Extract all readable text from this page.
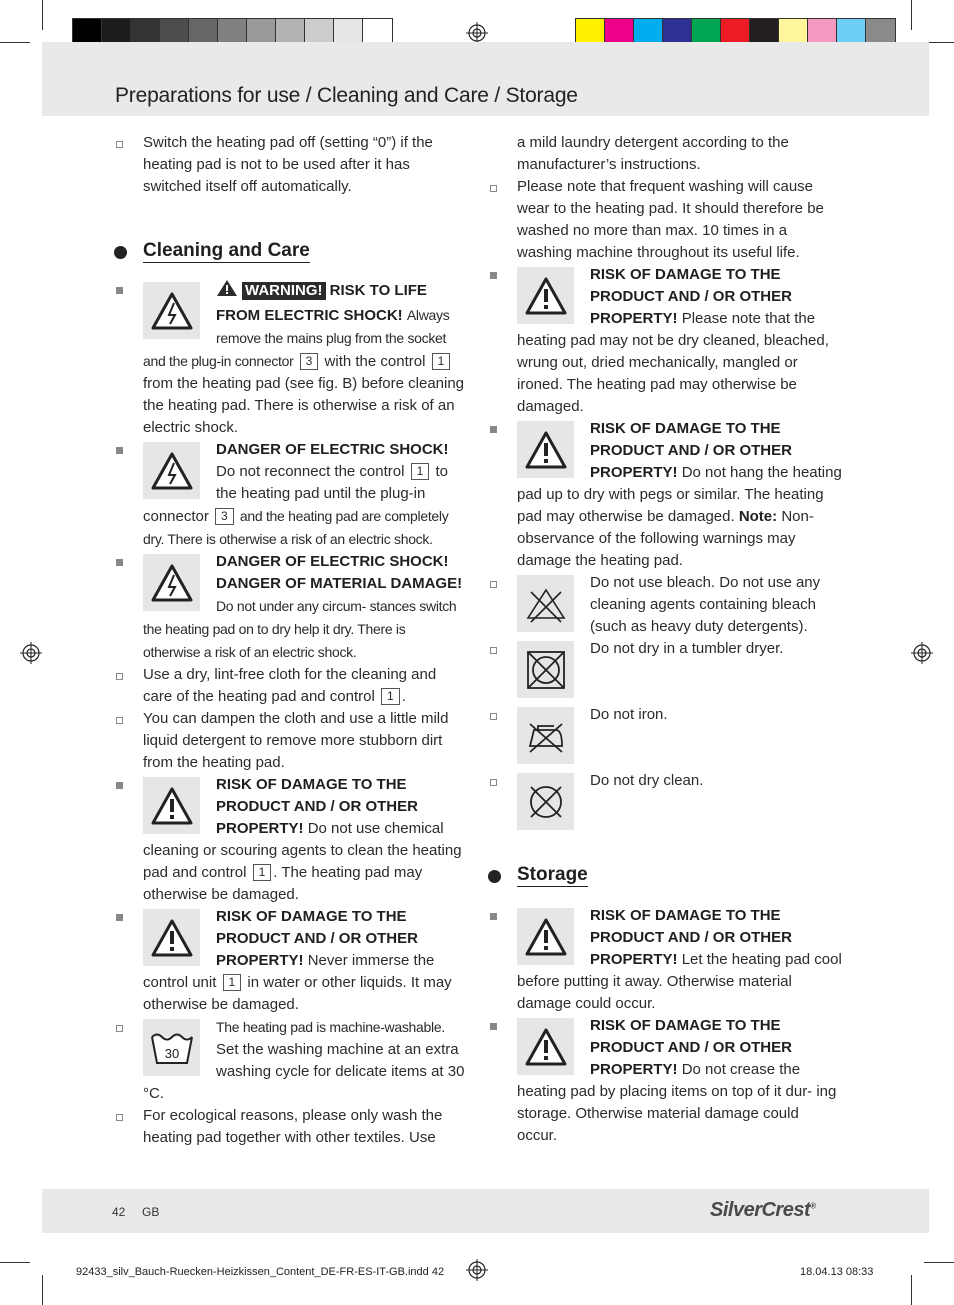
Preparations for use / Cleaning and Care / Storage
Switch the heating pad off (setting “0”) if the heating pad is not to be used after it has switched itself off automatically.
Cleaning and Care
WARNING! RISK TO LIFE FROM ELECTRIC SHOCK! Always remove the mains plug from the socket and the plug-in connector 3 with the control 1 from the heating pad (see fig. B) before cleaning the heating pad. There is otherwise a risk of an electric shock.
DANGER OF ELECTRIC SHOCK! Do not reconnect the control 1 to the heating pad until the plug-in connector 3 and the heating pad are completely dry. There is otherwise a risk of an electric shock.
DANGER OF ELECTRIC SHOCK! DANGER OF MATERIAL DAMAGE! Do not under any circum- stances switch the heating pad on to dry help it dry. There is otherwise a risk of an electric shock.
Use a dry, lint-free cloth for the cleaning and care of the heating pad and control 1 .
You can dampen the cloth and use a little mild liquid detergent to remove more stubborn dirt from the heating pad.
RISK OF DAMAGE TO THE PRODUCT AND / OR OTHER PROPERTY! Do not use chemical cleaning or scouring agents to clean the heating pad and control 1 . The heating pad may otherwise be damaged.
RISK OF DAMAGE TO THE PRODUCT AND / OR OTHER PROPERTY! Never immerse the control unit 1 in water or other liquids. It may otherwise be damaged.
30
The heating pad is machine-washable. Set the washing machine at an extra washing cycle for delicate items at 30 °C.
For ecological reasons, please only wash the heating pad together with other textiles. Use
a mild laundry detergent according to the manufacturer’s instructions.
Please note that frequent washing will cause wear to the heating pad. It should therefore be washed no more than max. 10 times in a washing machine throughout its useful life.
RISK OF DAMAGE TO THE PRODUCT AND / OR OTHER PROPERTY! Please note that the heating pad may not be dry cleaned, bleached, wrung out, dried mechanically, mangled or ironed. The heating pad may otherwise be damaged.
RISK OF DAMAGE TO THE PRODUCT AND / OR OTHER PROPERTY! Do not hang the heating pad up to dry with pegs or similar. The heating pad may otherwise be damaged. Note: Non-observance of the following warnings may damage the heating pad.
Do not use bleach. Do not use any cleaning agents containing bleach (such as heavy duty detergents).
Do not dry in a tumbler dryer.
Do not iron.
Do not dry clean.
Storage
RISK OF DAMAGE TO THE PRODUCT AND / OR OTHER PROPERTY! Let the heating pad cool before putting it away. Otherwise material damage could occur.
RISK OF DAMAGE TO THE PRODUCT AND / OR OTHER PROPERTY! Do not crease the heating pad by placing items on top of it dur- ing storage. Otherwise material damage could occur.
42 GB	SilverCrest®
92433_silv_Bauch-Ruecken-Heizkissen_Content_DE-FR-ES-IT-GB.indd 42	18.04.13 08:33
